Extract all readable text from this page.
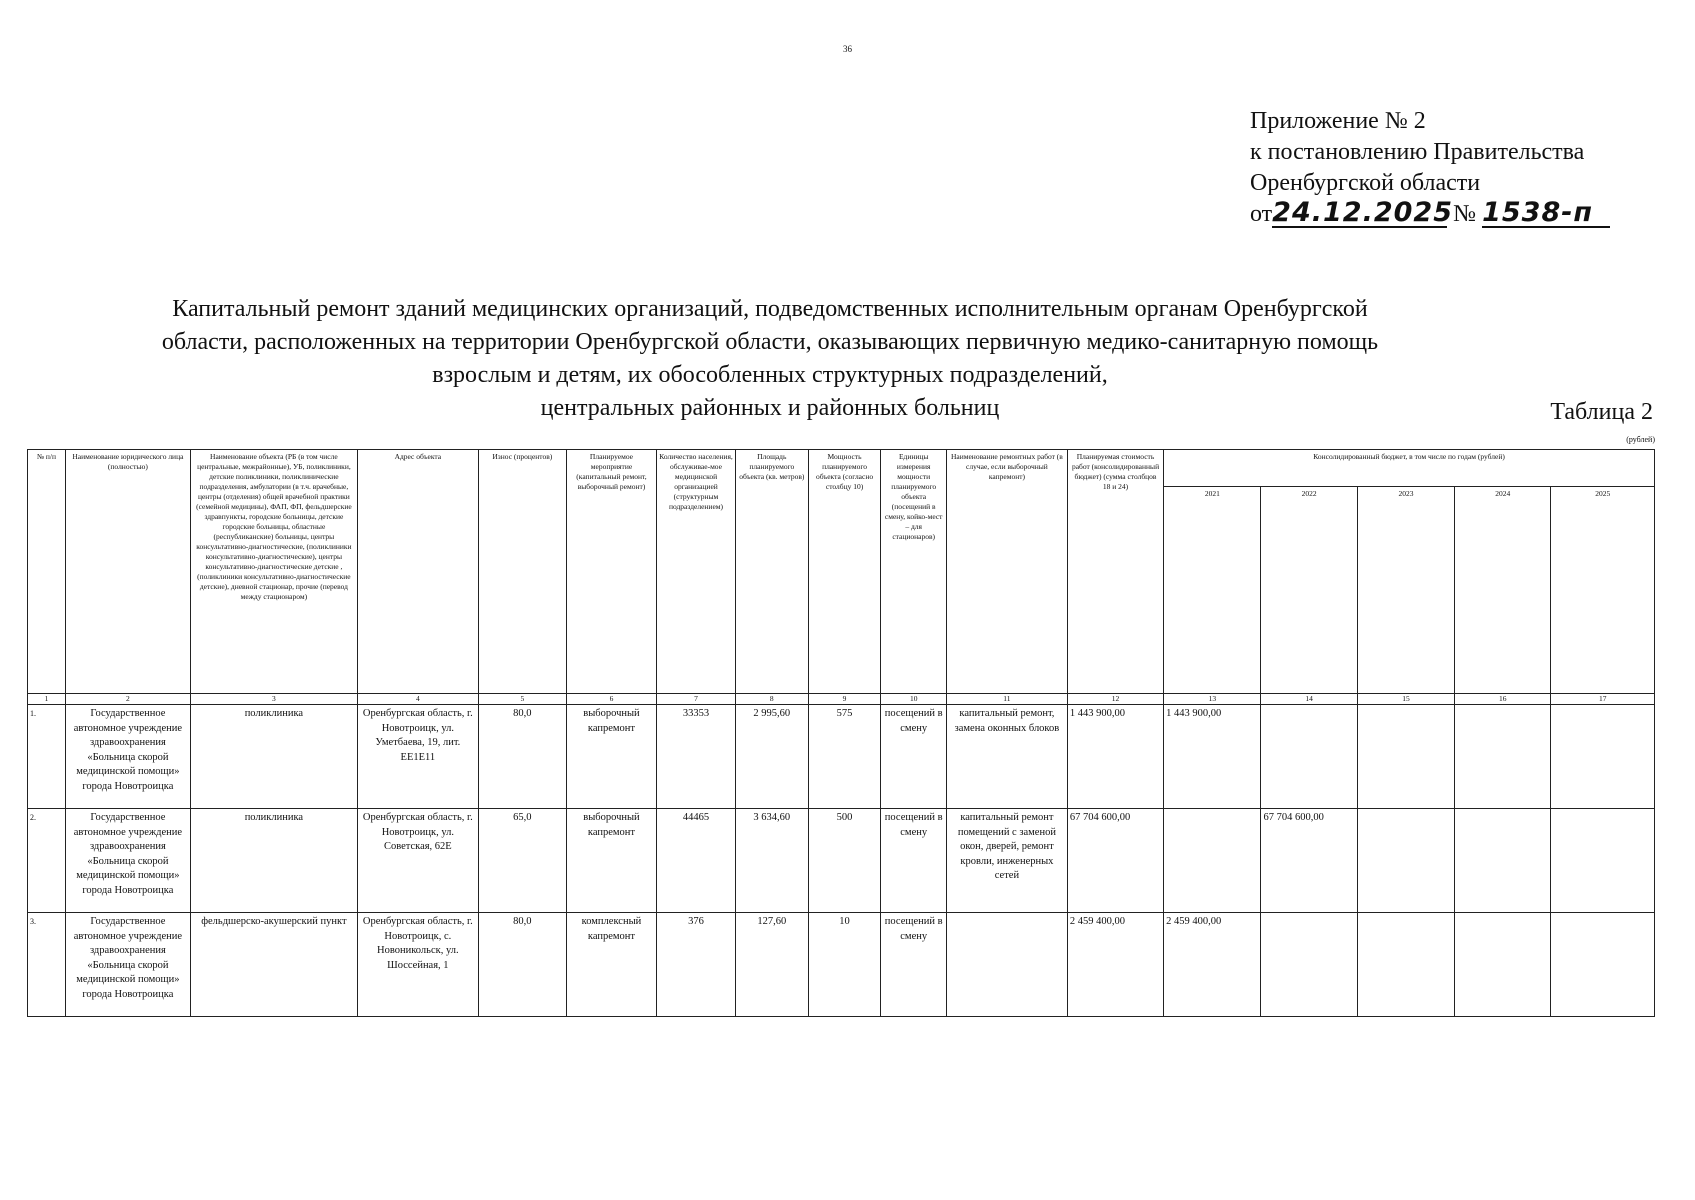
36
Приложение № 2
к постановлению Правительства
Оренбургской области
от24.12.2025 № 1538-п
Капитальный ремонт зданий медицинских организаций, подведомственных исполнительным органам Оренбургской
области, расположенных на территории Оренбургской области, оказывающих первичную медико-санитарную помощь
взрослым и детям, их обособленных структурных подразделений,
центральных районных и районных больниц	Таблица 2
(рублей)
№ п/п	Наименование юридического лица (полностью)	Наименование объекта (РБ (в том числе центральные, межрайонные), УБ, поликлиники, детские поликлиники, поликлинические подразделения, амбулатории (в т.ч. врачебные, центры (отделения) общей врачебной практики (семейной медицины), ФАП, ФП, фельдшерские здравпункты, городские больницы, детские городские больницы, областные (республиканские) больницы, центры консультативно-диагностические, (поликлиники консультативно-диагностические), центры консультативно-диагностические детские , (поликлиники консультативно-диагностические детские), дневной стационар, прочие (перевод между стационаром)	Адрес объекта	Износ (процентов)	Планируемое мероприятие (капитальный ремонт, выборочный ремонт)	Количество населения, обслуживае-мое медицинской организацией (структурным подразделением)	Площадь планируемого объекта (кв. метров)	Мощность планируемого объекта (согласно столбцу 10)	Единицы измерения мощности планируемого объекта (посещений в смену, койко-мест – для стационаров)	Наименование ремонтных работ (в случае, если выборочный капремонт)	Планируемая стоимость работ (консолидированный бюджет) (сумма столбцов 18 и 24)	Консолидированный бюджет, в том числе по годам (рублей)				
												2021	2022	2023	2024	2025
1	2	3	4	5	6	7	8	9	10	11	12	13	14	15	16	17
1.	Государственное автономное учреждение здравоохранения «Больница скорой медицинской помощи» города Новотроицка	поликлиника	Оренбургская область, г. Новотроицк, ул. Уметбаева, 19, лит. ЕЕ1Е11	80,0	выборочный капремонт	33353	2 995,60	575	посещений в смену	капитальный ремонт, замена оконных блоков	1 443 900,00	1 443 900,00				
2.	Государственное автономное учреждение здравоохранения «Больница скорой медицинской помощи» города Новотроицка	поликлиника	Оренбургская область, г. Новотроицк, ул. Советская, 62Е	65,0	выборочный капремонт	44465	3 634,60	500	посещений в смену	капитальный ремонт помещений с заменой окон, дверей, ремонт кровли, инженерных сетей	67 704 600,00		67 704 600,00			
3.	Государственное автономное учреждение здравоохранения «Больница скорой медицинской помощи» города Новотроицка	фельдшерско-акушерский пункт	Оренбургская область, г. Новотроицк, с. Новоникольск, ул. Шоссейная, 1	80,0	комплексный капремонт	376	127,60	10	посещений в смену		2 459 400,00	2 459 400,00				
